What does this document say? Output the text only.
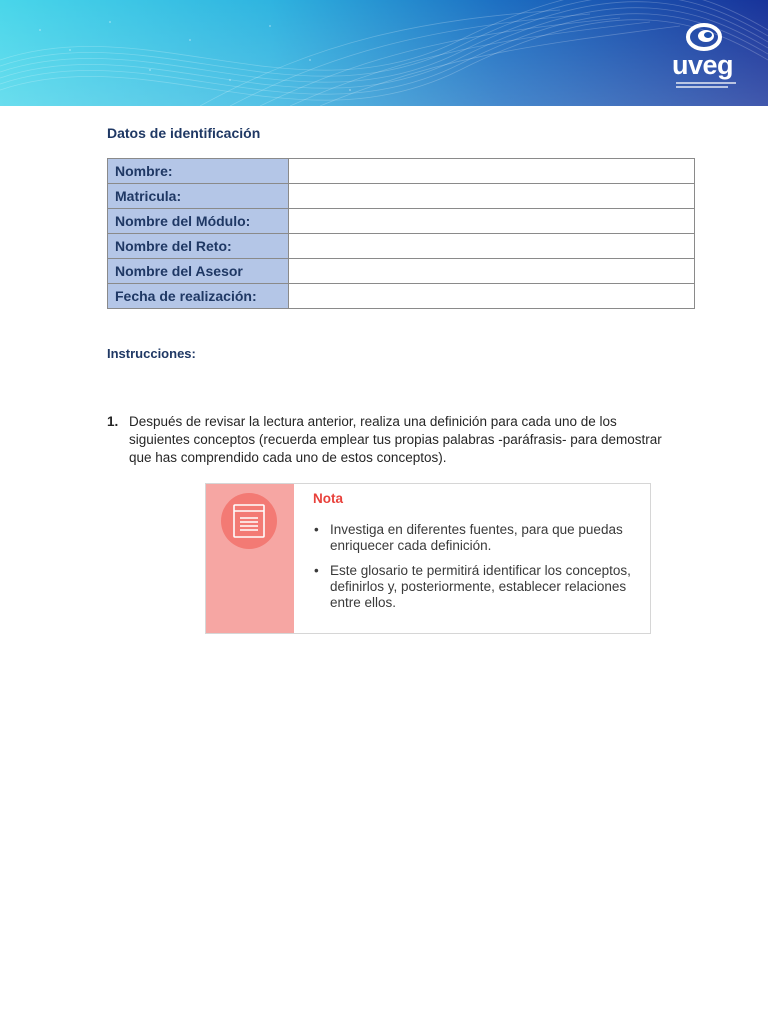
uveg
Datos de identificación
Nombre:	
Matricula:	
Nombre del Módulo:	
Nombre del Reto:	
Nombre del Asesor	
Fecha de realización:	
Instrucciones:
1. Después de revisar la lectura anterior, realiza una definición para cada uno de los siguientes conceptos (recuerda emplear tus propias palabras -paráfrasis- para demostrar que has comprendido cada uno de estos conceptos).
Nota
• Investiga en diferentes fuentes, para que puedas enriquecer cada definición.
• Este glosario te permitirá identificar los conceptos, definirlos y, posteriormente, establecer relaciones entre ellos.
